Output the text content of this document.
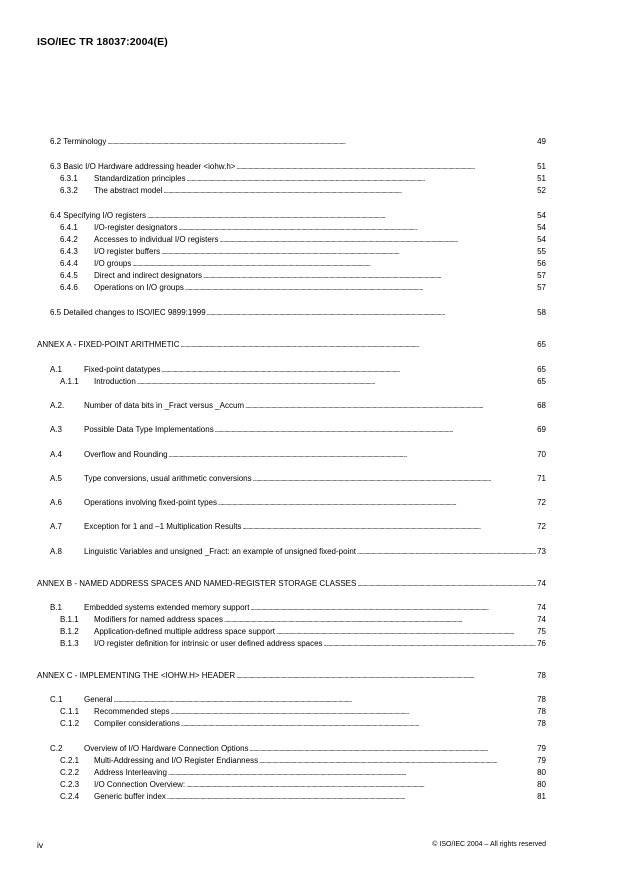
ISO/IEC TR 18037:2004(E)
6.2 Terminology . . .	49
6.3 Basic I/O Hardware addressing header <iohw.h> . . .	51
6.3.1	Standardization principles . . .	51
6.3.2	The abstract model . . .	52
6.4 Specifying I/O registers . . .	54
6.4.1	I/O-register designators . . .	54
6.4.2	Accesses to individual I/O registers . . .	54
6.4.3	I/O register buffers . . .	55
6.4.4	I/O groups . . .	56
6.4.5	Direct and indirect designators . . .	57
6.4.6	Operations on I/O groups . . .	57
6.5 Detailed changes to ISO/IEC 9899:1999 . . .	58
ANNEX A - FIXED-POINT ARITHMETIC . . .	65
A.1	Fixed-point datatypes . . .	65
A.1.1	Introduction . . .	65
A.2.	Number of data bits in _Fract versus _Accum . . .	68
A.3	Possible Data Type Implementations . . .	69
A.4	Overflow and Rounding . . .	70
A.5	Type conversions, usual arithmetic conversions . . .	71
A.6	Operations involving fixed-point types . . .	72
A.7	Exception for 1 and –1 Multiplication Results . . .	72
A.8	Linguistic Variables and unsigned _Fract: an example of unsigned fixed-point . . .	73
ANNEX B - NAMED ADDRESS SPACES AND NAMED-REGISTER STORAGE CLASSES . . .	74
B.1	Embedded systems extended memory support . . .	74
B.1.1	Modifiers for named address spaces . . .	74
B.1.2	Application-defined multiple address space support . . .	75
B.1.3	I/O register definition for intrinsic or user defined address spaces . . .	76
ANNEX C - IMPLEMENTING THE <IOHW.H> HEADER . . .	78
C.1	General . . .	78
C.1.1	Recommended steps . . .	78
C.1.2	Compiler considerations . . .	78
C.2	Overview of I/O Hardware Connection Options . . .	79
C.2.1	Multi-Addressing and I/O Register Endianness . . .	79
C.2.2	Address Interleaving . . .	80
C.2.3	I/O Connection Overview: . . .	80
C.2.4	Generic buffer index . . .	81
iv	© ISO/IEC 2004 – All rights reserved
